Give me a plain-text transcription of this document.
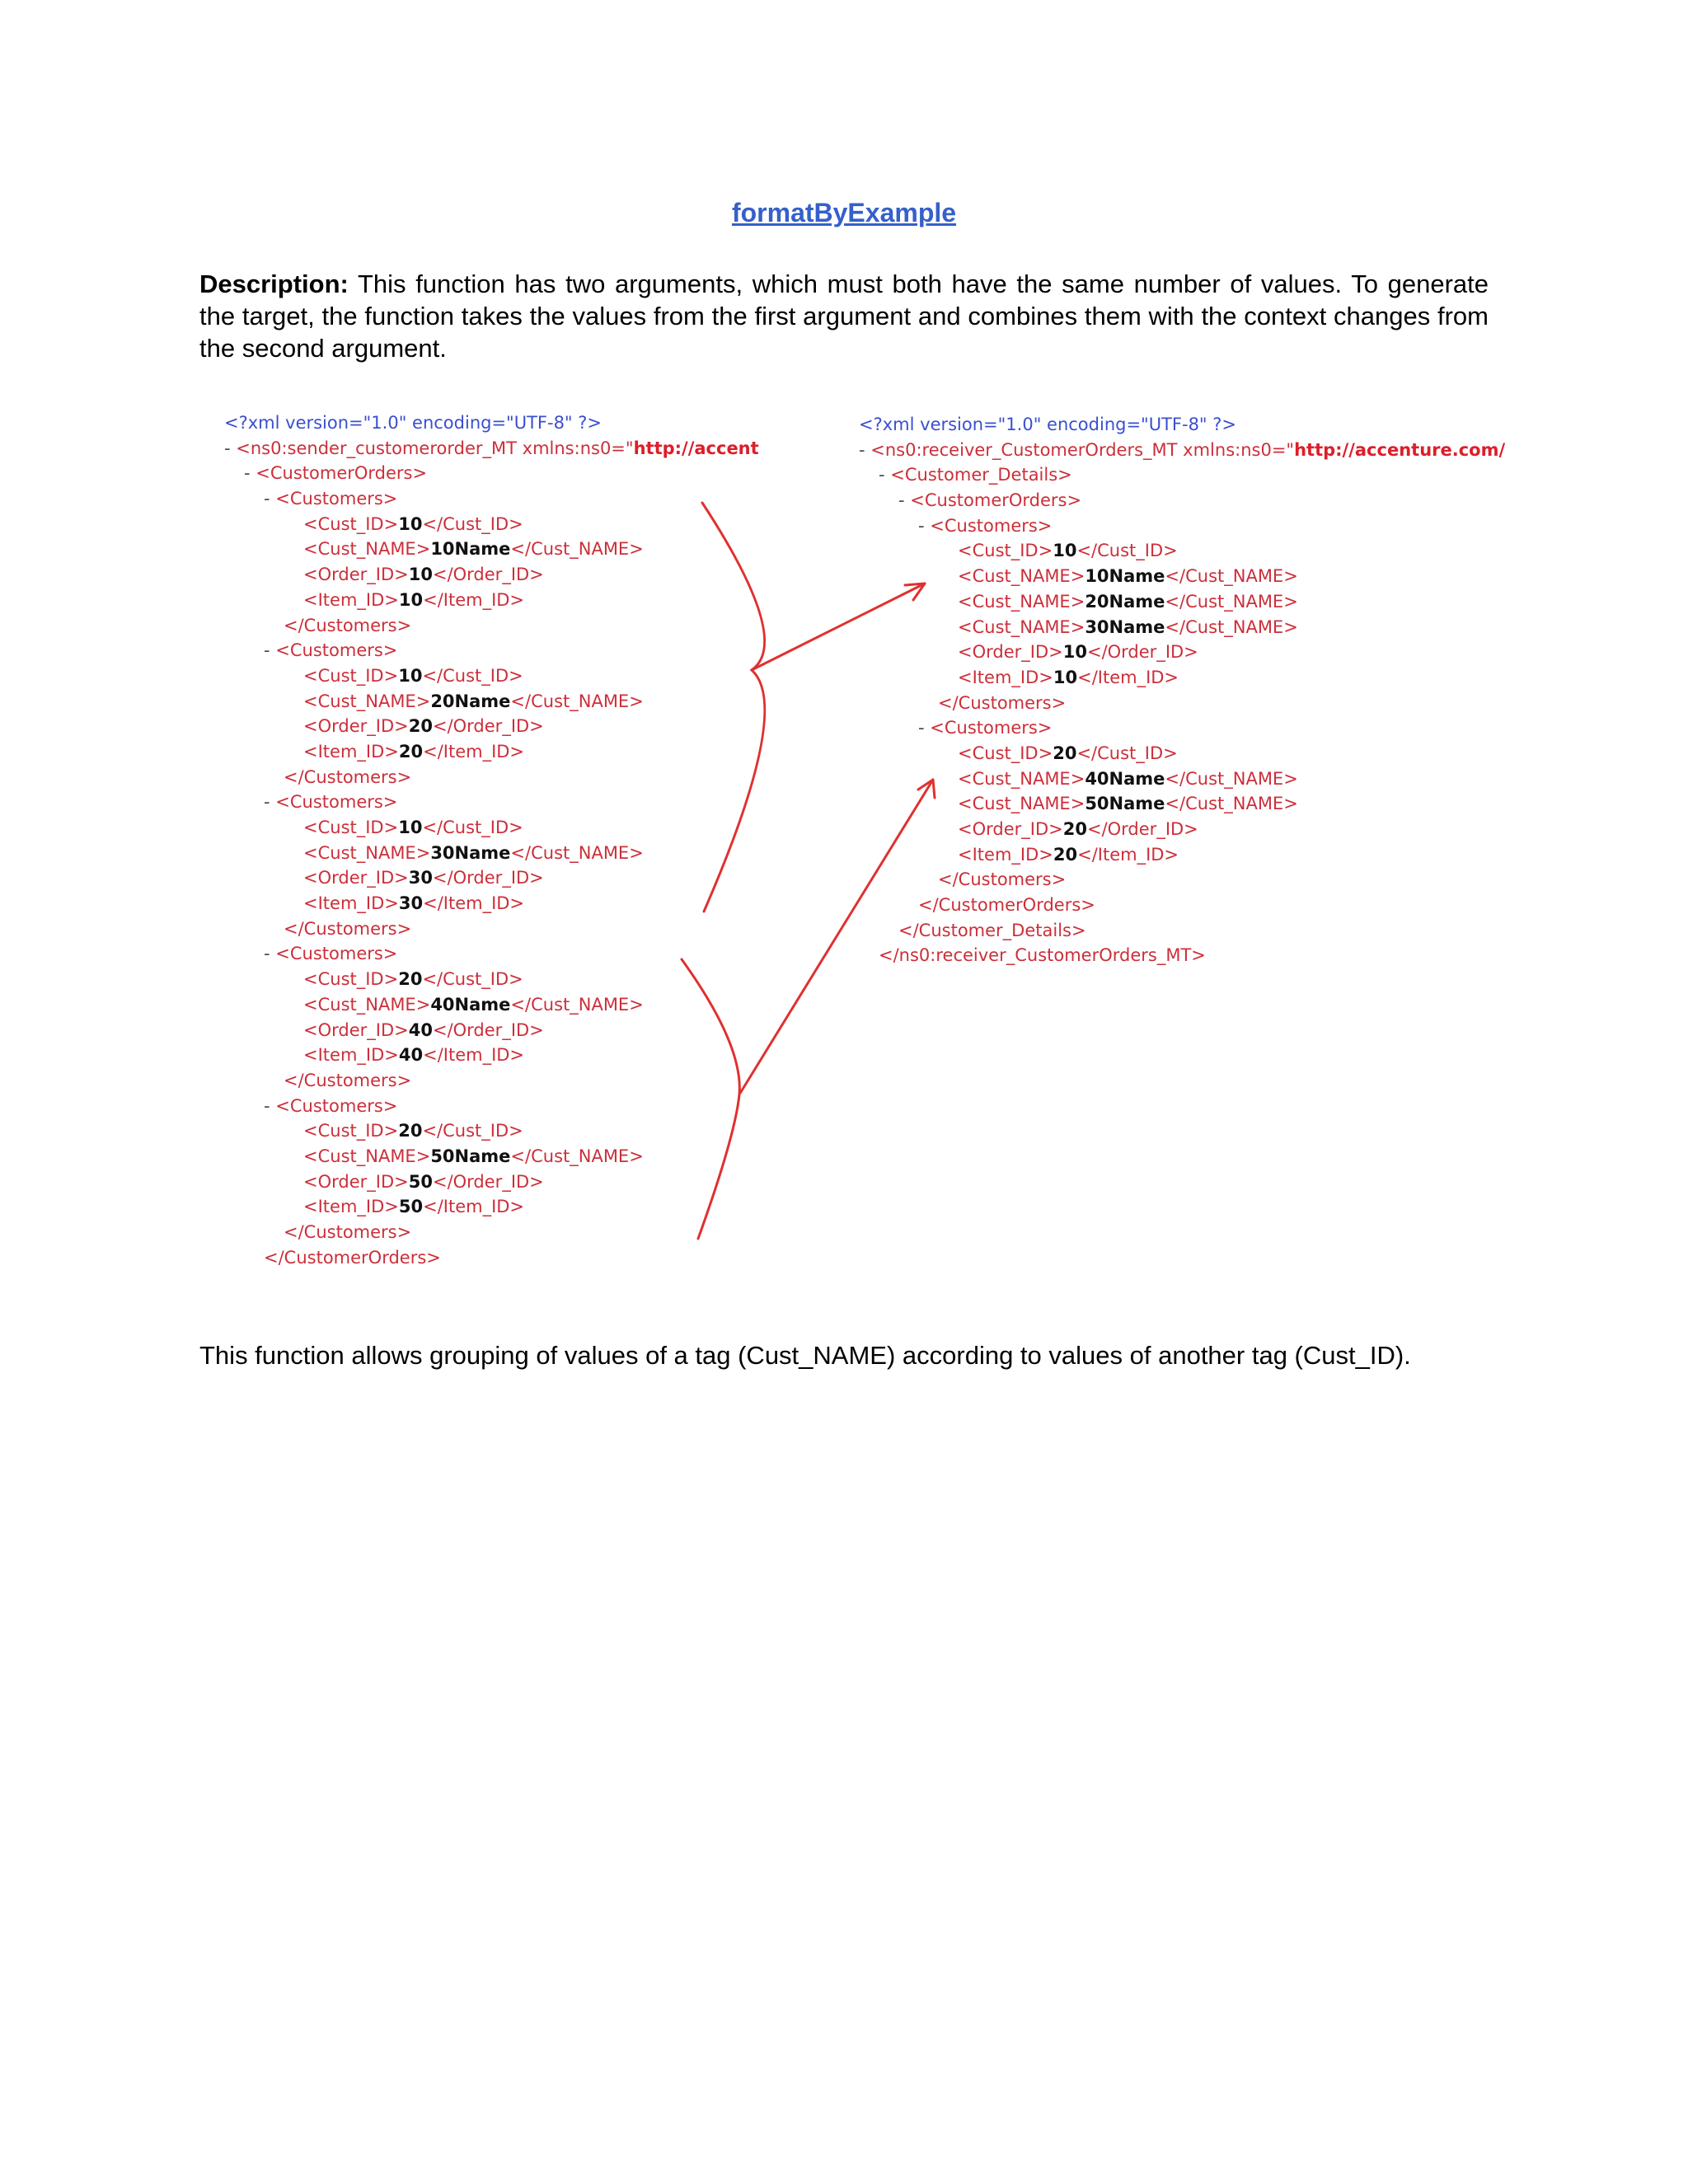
formatByExample
Description: This function has two arguments, which must both have the same number of values. To generate the target, the function takes the values from the first argument and combines them with the context changes from the second argument.
<?xml version="1.0" encoding="UTF-8" ?>
- <ns0:sender_customerorder_MT xmlns:ns0="http://accent
- <CustomerOrders>
- <Customers>
<Cust_ID>10</Cust_ID>
<Cust_NAME>10Name</Cust_NAME>
<Order_ID>10</Order_ID>
<Item_ID>10</Item_ID>
</Customers>
- <Customers>
<Cust_ID>10</Cust_ID>
<Cust_NAME>20Name</Cust_NAME>
<Order_ID>20</Order_ID>
<Item_ID>20</Item_ID>
</Customers>
- <Customers>
<Cust_ID>10</Cust_ID>
<Cust_NAME>30Name</Cust_NAME>
<Order_ID>30</Order_ID>
<Item_ID>30</Item_ID>
</Customers>
- <Customers>
<Cust_ID>20</Cust_ID>
<Cust_NAME>40Name</Cust_NAME>
<Order_ID>40</Order_ID>
<Item_ID>40</Item_ID>
</Customers>
- <Customers>
<Cust_ID>20</Cust_ID>
<Cust_NAME>50Name</Cust_NAME>
<Order_ID>50</Order_ID>
<Item_ID>50</Item_ID>
</Customers>
</CustomerOrders>
<?xml version="1.0" encoding="UTF-8" ?>
- <ns0:receiver_CustomerOrders_MT xmlns:ns0="http://accenture.com/
- <Customer_Details>
- <CustomerOrders>
- <Customers>
<Cust_ID>10</Cust_ID>
<Cust_NAME>10Name</Cust_NAME>
<Cust_NAME>20Name</Cust_NAME>
<Cust_NAME>30Name</Cust_NAME>
<Order_ID>10</Order_ID>
<Item_ID>10</Item_ID>
</Customers>
- <Customers>
<Cust_ID>20</Cust_ID>
<Cust_NAME>40Name</Cust_NAME>
<Cust_NAME>50Name</Cust_NAME>
<Order_ID>20</Order_ID>
<Item_ID>20</Item_ID>
</Customers>
</CustomerOrders>
</Customer_Details>
</ns0:receiver_CustomerOrders_MT>
This function allows grouping of values of a tag (Cust_NAME) according to values of another tag (Cust_ID).
